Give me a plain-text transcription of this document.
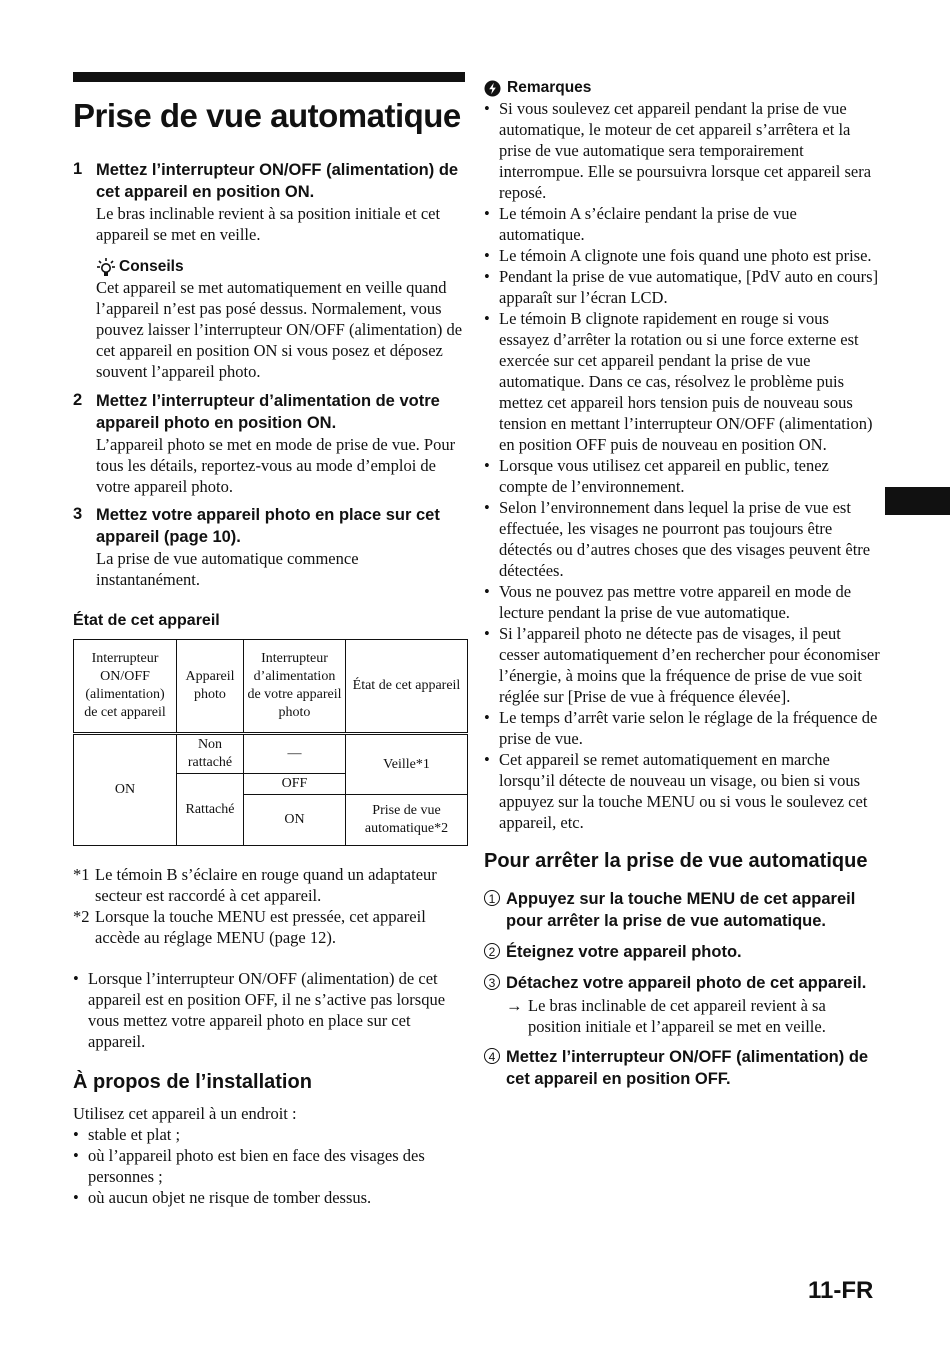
Prise de vue automatique
1 Mettez l’interrupteur ON/OFF (alimentation) de cet appareil en position ON.
Le bras inclinable revient à sa position initiale et cet appareil se met en veille.
Conseils
Cet appareil se met automatiquement en veille quand l’appareil n’est pas posé dessus. Normalement, vous pouvez laisser l’interrupteur ON/OFF (alimentation) de cet appareil en position ON si vous posez et déposez souvent l’appareil photo.
2 Mettez l’interrupteur d’alimentation de votre appareil photo en position ON.
L’appareil photo se met en mode de prise de vue. Pour tous les détails, reportez-vous au mode d’emploi de votre appareil photo.
3 Mettez votre appareil photo en place sur cet appareil (page 10).
La prise de vue automatique commence instantanément.
État de cet appareil
Interrupteur ON/OFF (alimentation) de cet appareil	Appareil photo	Interrupteur d’alimentation de votre appareil photo	État de cet appareil
ON	Non rattaché	—	Veille*1
	Rattaché	OFF	
		ON	Prise de vue automatique*2
*1 Le témoin B s’éclaire en rouge quand un adaptateur secteur est raccordé à cet appareil.
*2 Lorsque la touche MENU est pressée, cet appareil accède au réglage MENU (page 12).
• Lorsque l’interrupteur ON/OFF (alimentation) de cet appareil est en position OFF, il ne s’active pas lorsque vous mettez votre appareil photo en place sur cet appareil.
À propos de l’installation
Utilisez cet appareil à un endroit :
• stable et plat ;
• où l’appareil photo est bien en face des visages des personnes ;
• où aucun objet ne risque de tomber dessus.
Remarques
• Si vous soulevez cet appareil pendant la prise de vue automatique, le moteur de cet appareil s’arrêtera et la prise de vue automatique sera temporairement interrompue. Elle se poursuivra lorsque cet appareil sera reposé.
• Le témoin A s’éclaire pendant la prise de vue automatique.
• Le témoin A clignote une fois quand une photo est prise.
• Pendant la prise de vue automatique, [PdV auto en cours] apparaît sur l’écran LCD.
• Le témoin B clignote rapidement en rouge si vous essayez d’arrêter la rotation ou si une force externe est exercée sur cet appareil pendant la prise de vue automatique. Dans ce cas, résolvez le problème puis mettez cet appareil hors tension puis de nouveau sous tension en mettant l’interrupteur ON/OFF (alimentation) en position OFF puis de nouveau en position ON.
• Lorsque vous utilisez cet appareil en public, tenez compte de l’environnement.
• Selon l’environnement dans lequel la prise de vue est effectuée, les visages ne pourront pas toujours être détectés ou d’autres choses que des visages peuvent être détectées.
• Vous ne pouvez pas mettre votre appareil en mode de lecture pendant la prise de vue automatique.
• Si l’appareil photo ne détecte pas de visages, il peut cesser automatiquement d’en rechercher pour économiser l’énergie, à moins que la fréquence de prise de vue soit réglée sur [Prise de vue à fréquence élevée].
• Le temps d’arrêt varie selon le réglage de la fréquence de prise de vue.
• Cet appareil se remet automatiquement en marche lorsqu’il détecte de nouveau un visage, ou bien si vous appuyez sur la touche MENU ou si vous le soulevez cet appareil, etc.
Pour arrêter la prise de vue automatique
1 Appuyez sur la touche MENU de cet appareil pour arrêter la prise de vue automatique.
2 Éteignez votre appareil photo.
3 Détachez votre appareil photo de cet appareil.
→ Le bras inclinable de cet appareil revient à sa position initiale et l’appareil se met en veille.
4 Mettez l’interrupteur ON/OFF (alimentation) de cet appareil en position OFF.
11-FR
